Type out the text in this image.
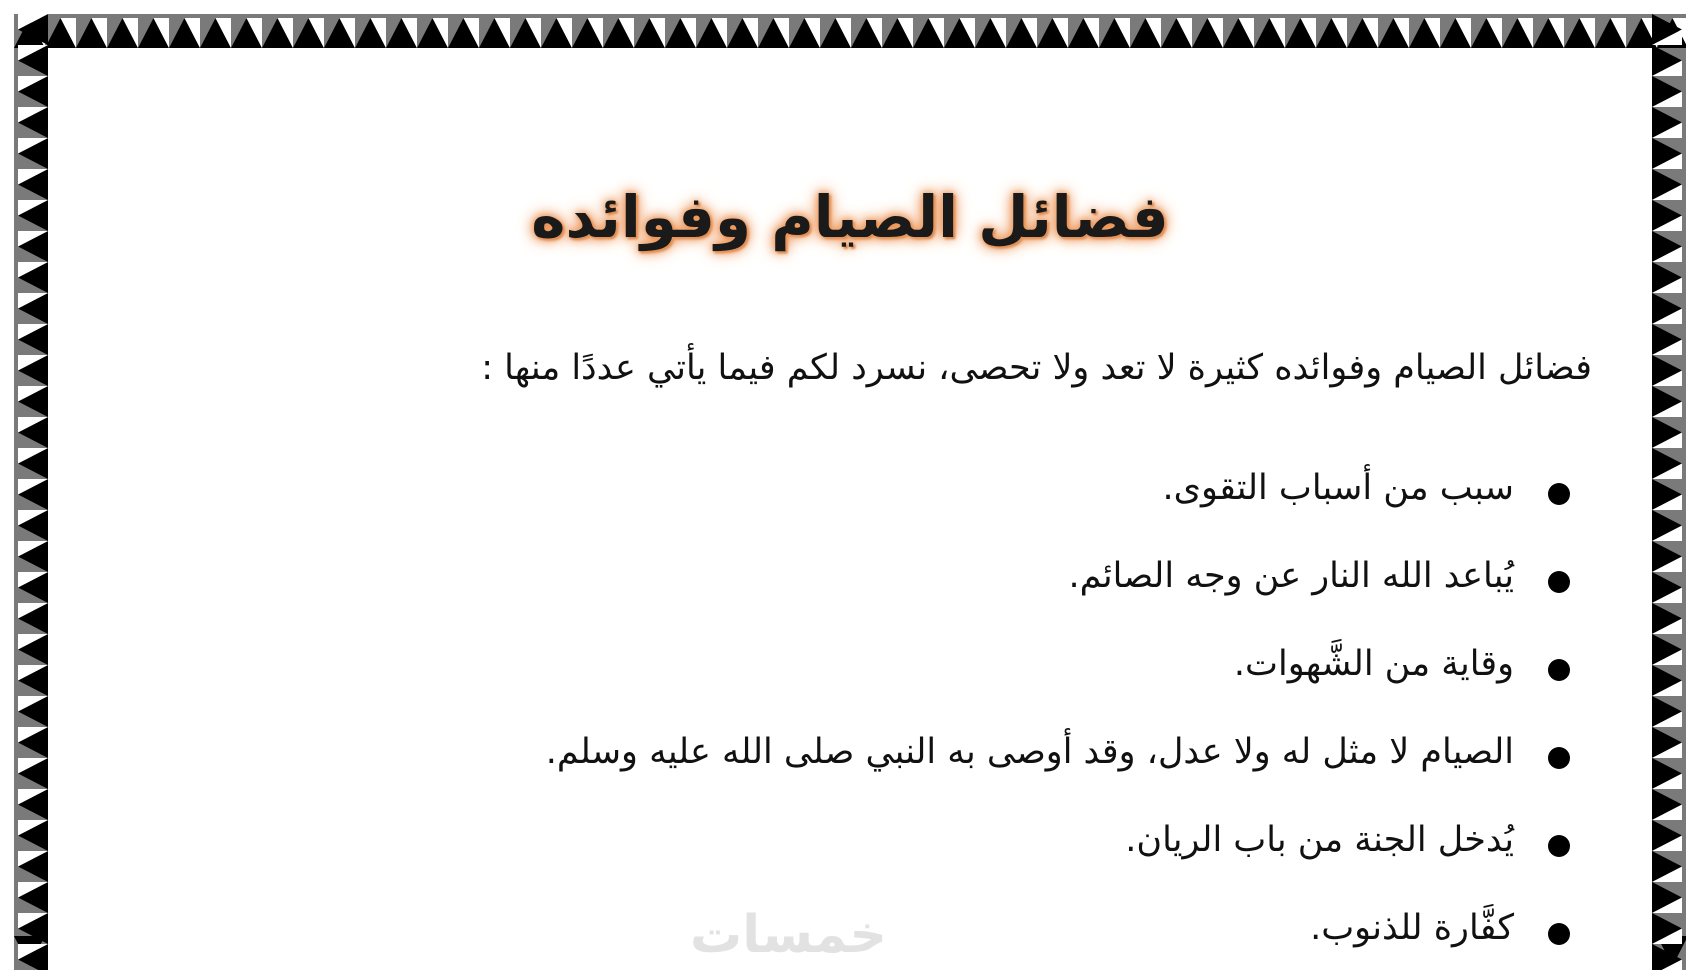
فضائل الصيام وفوائده
فضائل الصيام وفوائده كثيرة لا تعد ولا تحصى، نسرد لكم فيما يأتي عددًا منها :
سبب من أسباب التقوى.
يُباعد الله النار عن وجه الصائم.
وقاية من الشَّهوات.
الصيام لا مثل له ولا عدل، وقد أوصى به النبي صلى الله عليه وسلم.
يُدخل الجنة من باب الريان.
كفَّارة للذنوب.
خمسات
